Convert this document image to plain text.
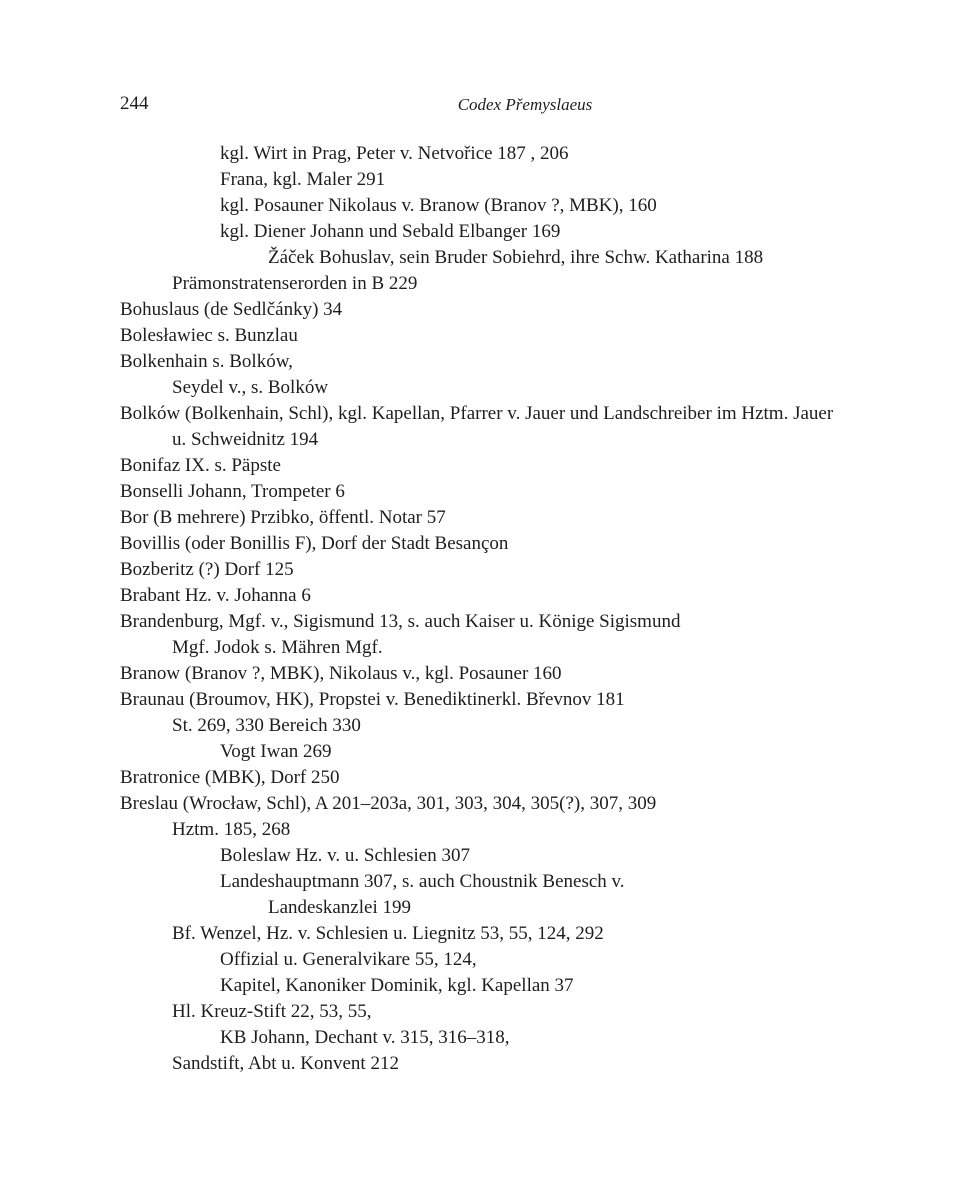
244	Codex Přemyslaeus
kgl. Wirt in Prag, Peter v. Netvořice 187 , 206
Frana, kgl. Maler 291
kgl. Posauner Nikolaus v. Branow (Branov ?, MBK), 160
kgl. Diener Johann und Sebald Elbanger 169
Žáček Bohuslav, sein Bruder Sobiehrd, ihre Schw. Katharina 188
Prämonstratenserorden in B 229
Bohuslaus (de Sedlčánky) 34
Bolesławiec s. Bunzlau
Bolkenhain s. Bolków,
Seydel v., s. Bolków
Bolków (Bolkenhain, Schl), kgl. Kapellan, Pfarrer v. Jauer und Landschreiber im Hztm. Jauer u. Schweidnitz 194
Bonifaz IX. s. Päpste
Bonselli Johann, Trompeter 6
Bor (B mehrere) Przibko, öffentl. Notar 57
Bovillis (oder Bonillis F), Dorf der Stadt Besançon
Bozberitz (?) Dorf 125
Brabant Hz. v. Johanna 6
Brandenburg, Mgf. v., Sigismund 13, s. auch Kaiser u. Könige Sigismund
Mgf. Jodok s. Mähren Mgf.
Branow (Branov ?, MBK), Nikolaus v., kgl. Posauner 160
Braunau (Broumov, HK), Propstei v. Benediktinerkl. Břevnov 181
St. 269, 330 Bereich 330
Vogt Iwan 269
Bratronice (MBK), Dorf 250
Breslau (Wrocław, Schl), A 201–203a, 301, 303, 304, 305(?), 307, 309
Hztm. 185, 268
Boleslaw Hz. v. u. Schlesien 307
Landeshauptmann 307, s. auch Choustnik Benesch v.
Landeskanzlei 199
Bf. Wenzel, Hz. v. Schlesien u. Liegnitz 53, 55, 124, 292
Offizial u. Generalvikare 55, 124,
Kapitel, Kanoniker Dominik, kgl. Kapellan 37
Hl. Kreuz-Stift 22, 53, 55,
KB Johann, Dechant v. 315, 316–318,
Sandstift, Abt u. Konvent 212
